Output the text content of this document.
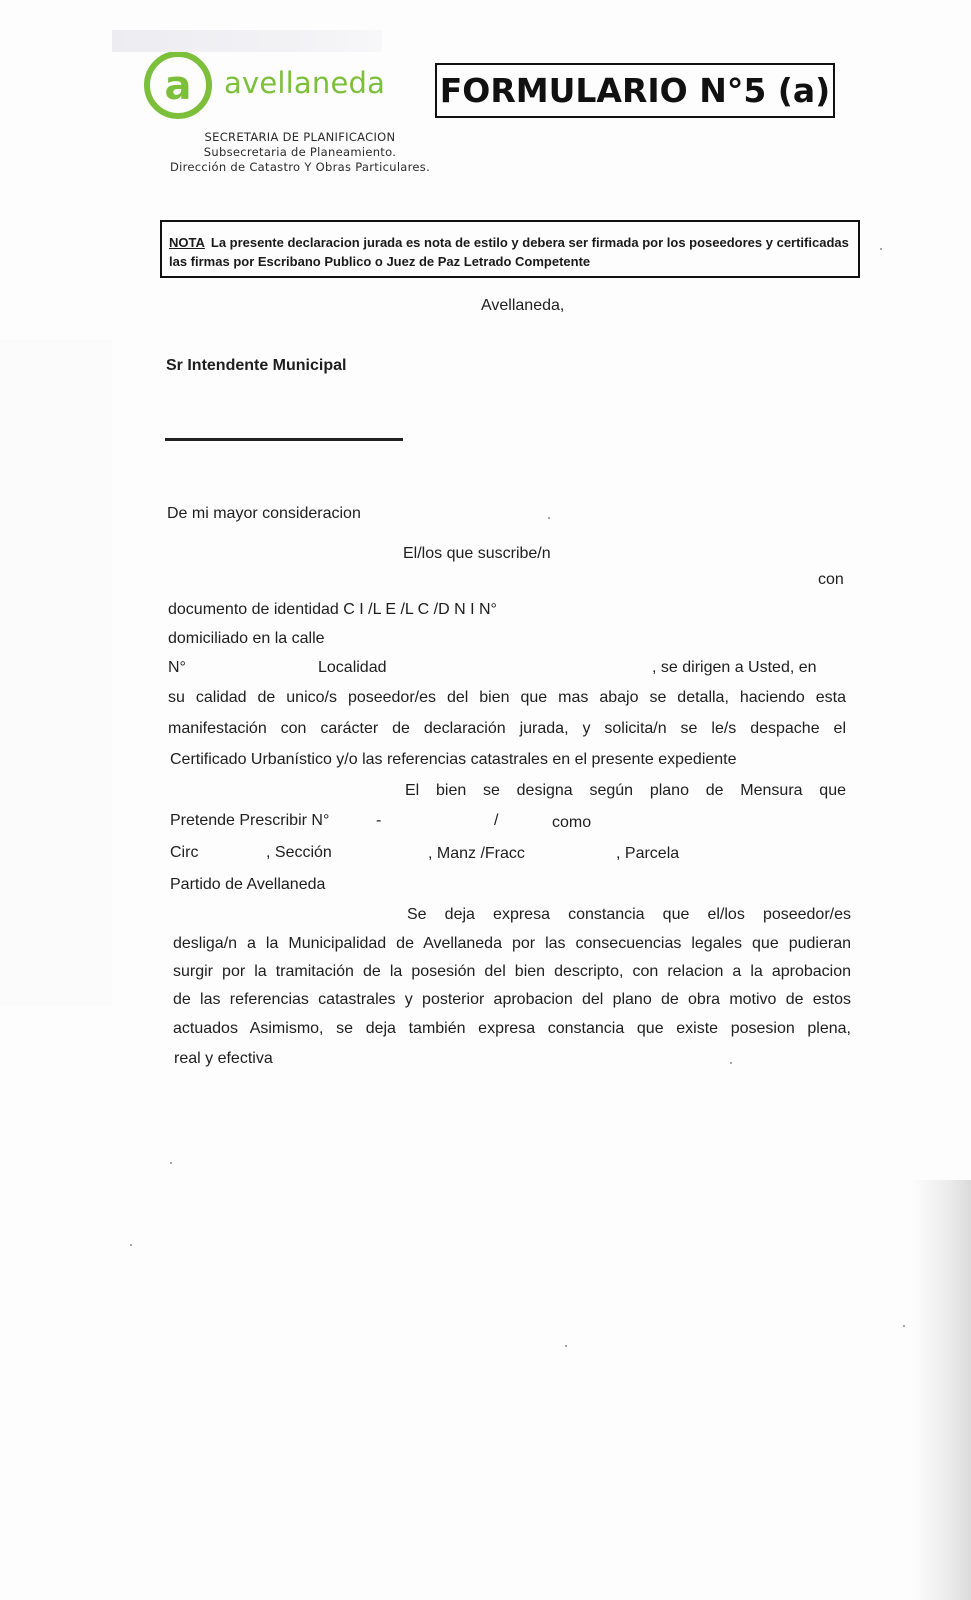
a avellaneda
SECRETARIA DE PLANIFICACION
Subsecretaria de Planeamiento.
Dirección de Catastro Y Obras Particulares.
FORMULARIO N°5 (a)
NOTA La presente declaracion jurada es nota de estilo y debera ser firmada por los poseedores y certificadas las firmas por Escribano Publico o Juez de Paz Letrado Competente
Avellaneda,
Sr Intendente Municipal
De mi mayor consideracion
El/los que suscribe/n
con
documento de identidad C I /L E /L C /D N I N°
domiciliado en la calle
N°	Localidad	, se dirigen a Usted, en
su calidad de unico/s poseedor/es del bien que mas abajo se detalla, haciendo esta
manifestación con carácter de declaración jurada, y solicita/n se le/s despache el
Certificado Urbanístico y/o las referencias catastrales en el presente expediente
El bien se designa según plano de Mensura que
Pretende Prescribir N°	-	/	como
Circ	, Sección	, Manz /Fracc	, Parcela
Partido de Avellaneda
Se deja expresa constancia que el/los poseedor/es
desliga/n a la Municipalidad de Avellaneda por las consecuencias legales que pudieran
surgir por la tramitación de la posesión del bien descripto, con relacion a la aprobacion
de las referencias catastrales y posterior aprobacion del plano de obra motivo de estos
actuados Asimismo, se deja también expresa constancia que existe posesion plena,
real y efectiva
